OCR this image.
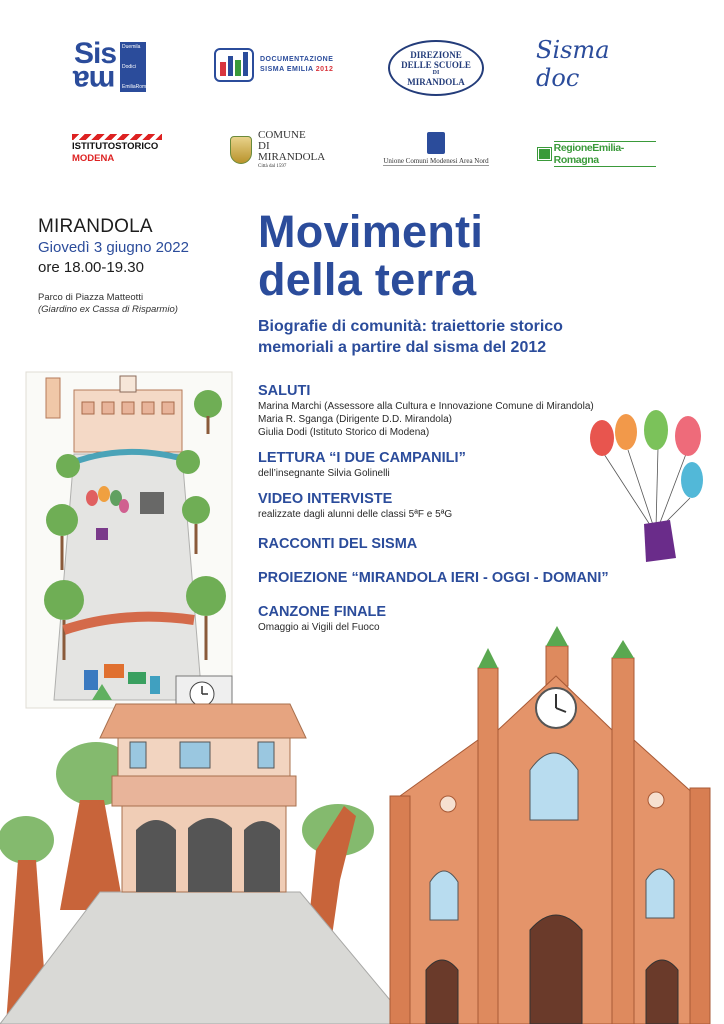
Sis
ma
Duemila
Dodici
EmiliaRomagna
DOCUMENTAZIONE
SISMA EMILIA 2012
DIREZIONE
DELLE SCUOLE
DI
MIRANDOLA
Sisma doc
ISTITUTOSTORICO
MODENA
COMUNE
DI
MIRANDOLA
Città dal 1597
Unione Comuni Modenesi Area Nord
RegioneEmilia-Romagna
MIRANDOLA
Giovedì 3 giugno 2022
ore 18.00-19.30
Parco di Piazza Matteotti
(Giardino ex Cassa di Risparmio)
Movimenti
della terra
Biografie di comunità: traiettorie storico
memoriali a partire dal sisma del 2012
SALUTI
Marina Marchi (Assessore alla Cultura e Innovazione Comune di Mirandola)
Maria R. Sganga (Dirigente D.D. Mirandola)
Giulia Dodi (Istituto Storico di Modena)
LETTURA “I DUE CAMPANILI”
dell’insegnante Silvia Golinelli
VIDEO INTERVISTE
realizzate dagli alunni delle classi 5ªF e 5ªG
RACCONTI DEL SISMA
PROIEZIONE “MIRANDOLA IERI - OGGI - DOMANI”
CANZONE FINALE
Omaggio ai Vigili del Fuoco
